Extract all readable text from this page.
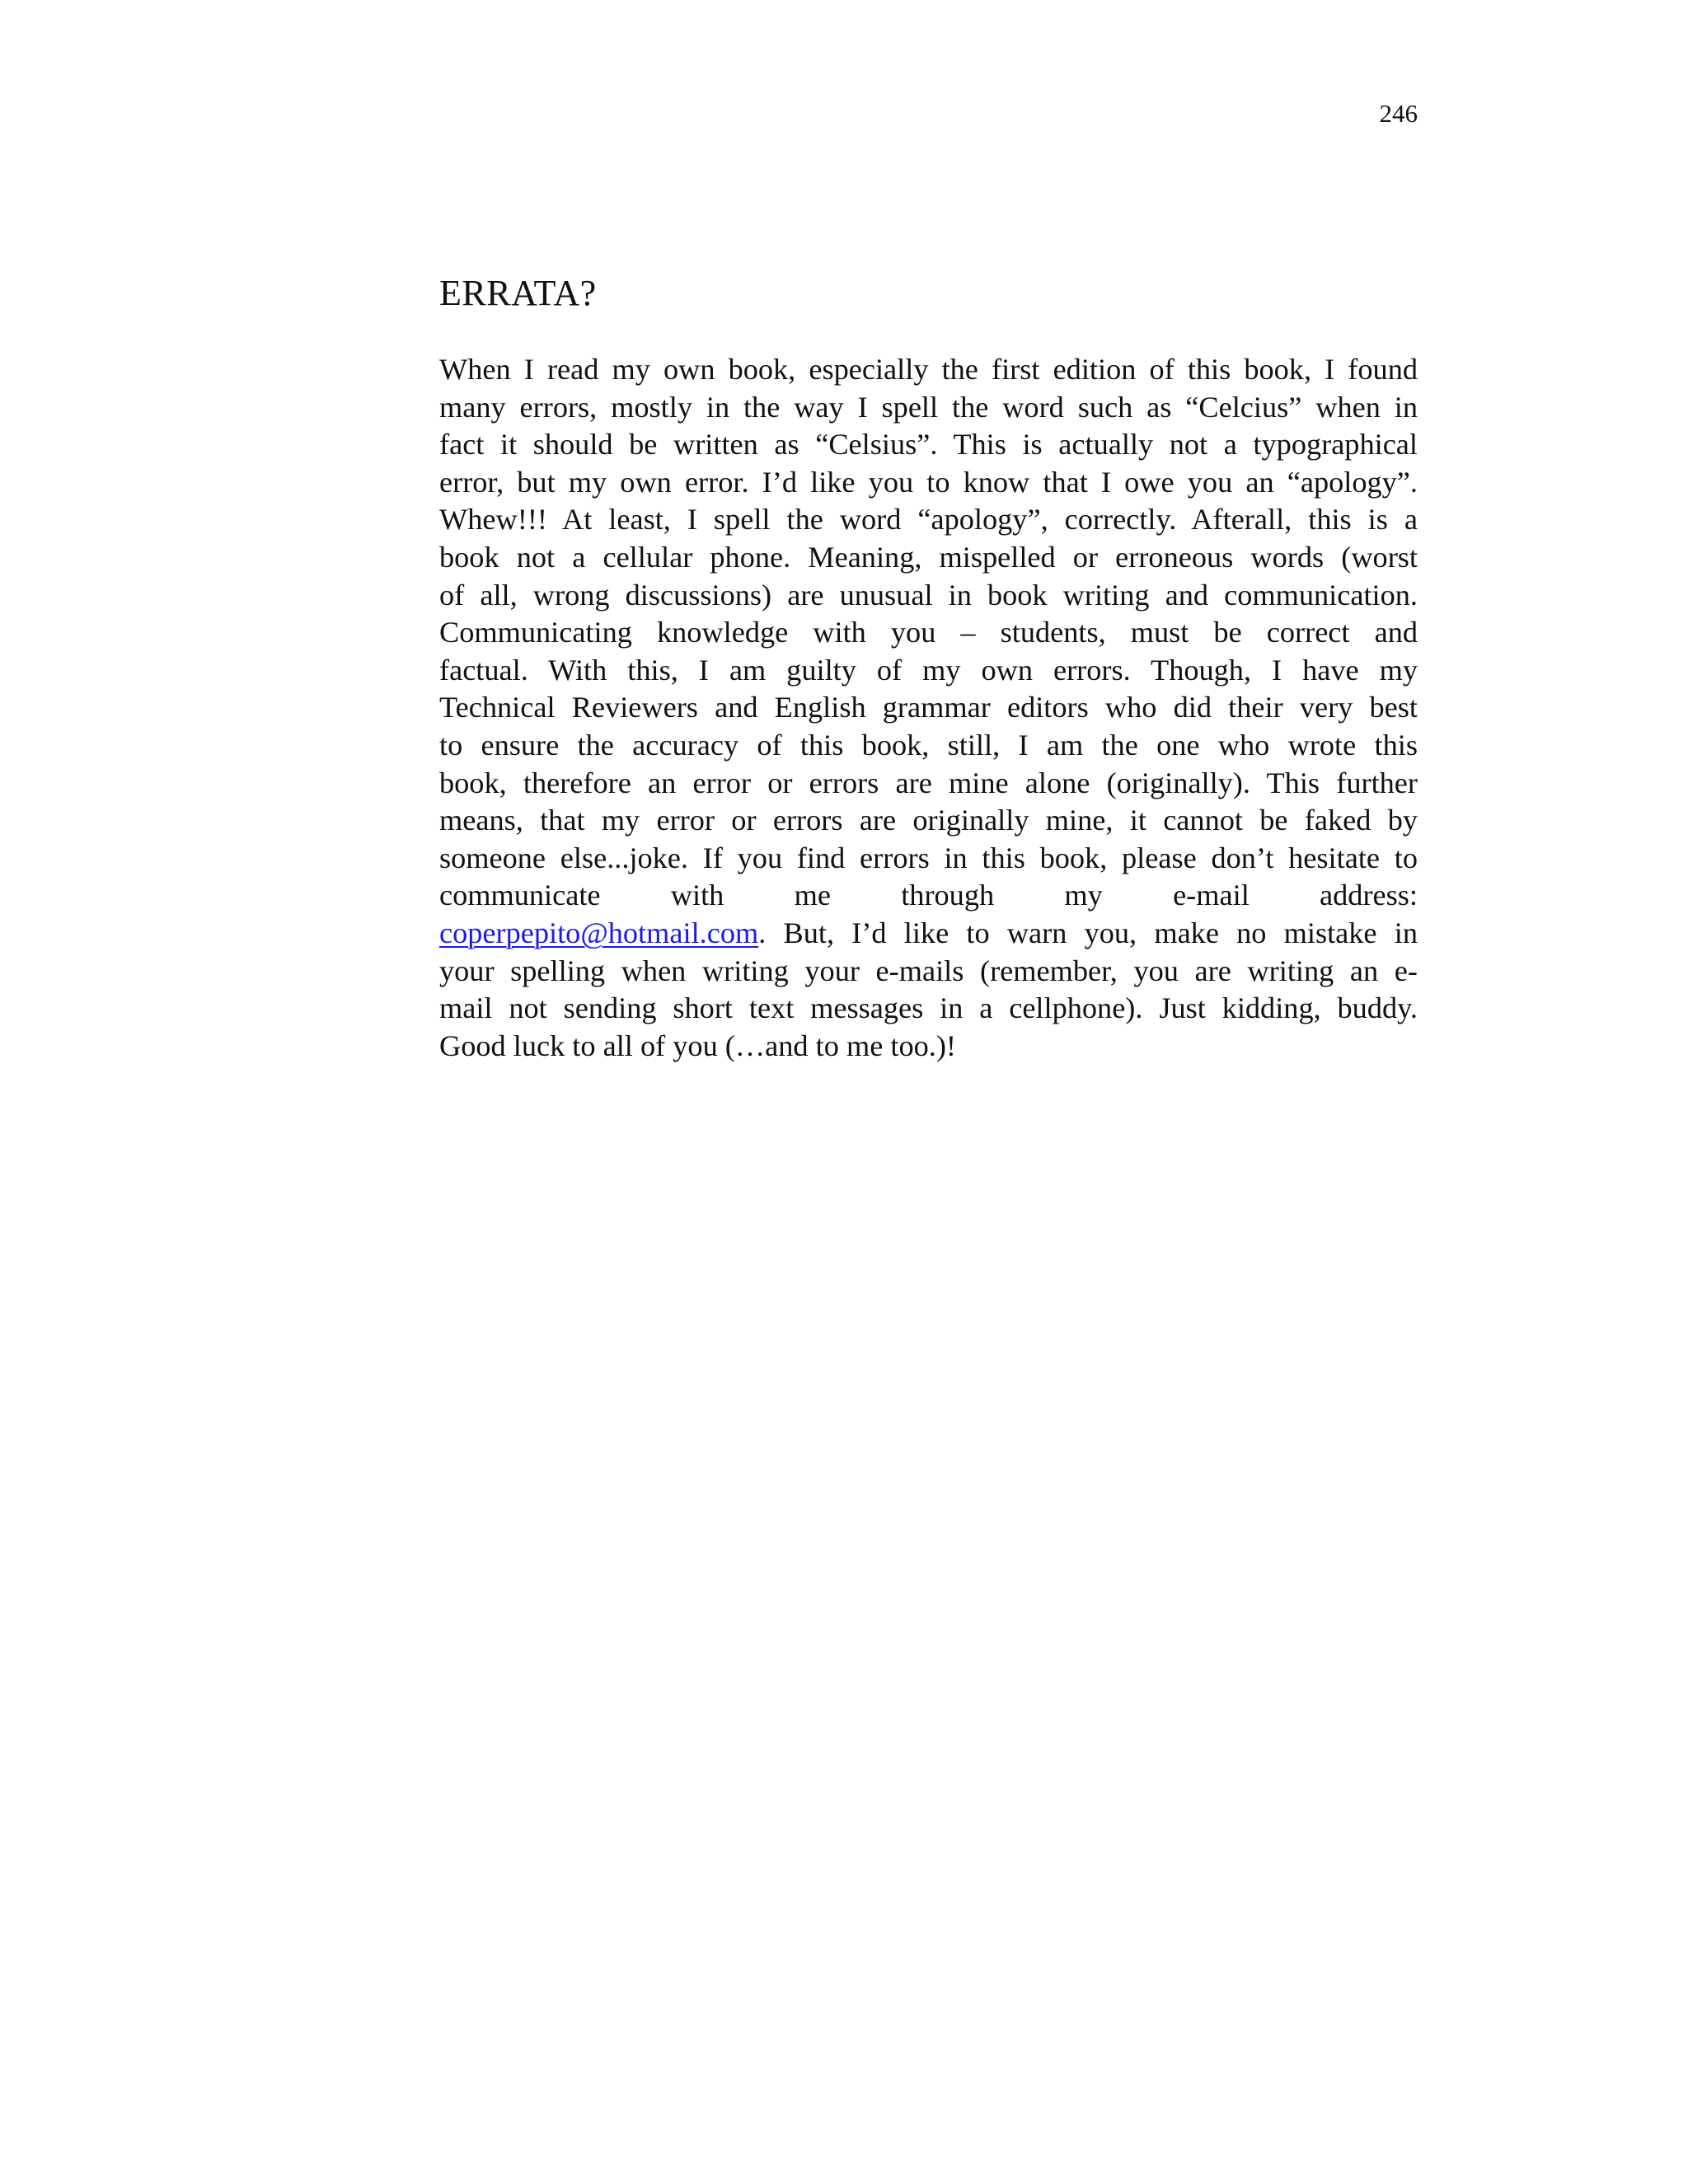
246
ERRATA?
When I read my own book, especially the first edition of this book, I found
many errors, mostly in the way I spell the word such as “Celcius” when in
fact it should be written as “Celsius”. This is actually not a typographical
error, but my own error. I’d like you to know that I owe you an “apology”.
Whew!!! At least, I spell the word “apology”, correctly. Afterall, this is a
book not a cellular phone. Meaning, mispelled or erroneous words (worst
of all, wrong discussions) are unusual in book writing and communication.
Communicating knowledge with you – students, must be correct and
factual. With this, I am guilty of my own errors. Though, I have my
Technical Reviewers and English grammar editors who did their very best
to ensure the accuracy of this book, still, I am the one who wrote this
book, therefore an error or errors are mine alone (originally). This further
means, that my error or errors are originally mine, it cannot be faked by
someone else...joke. If you find errors in this book, please don’t hesitate to
communicate with me through my e-mail address:
coperpepito@hotmail.com. But, I’d like to warn you, make no mistake in
your spelling when writing your e-mails (remember, you are writing an e-
mail not sending short text messages in a cellphone). Just kidding, buddy.
Good luck to all of you (…and to me too.)!
